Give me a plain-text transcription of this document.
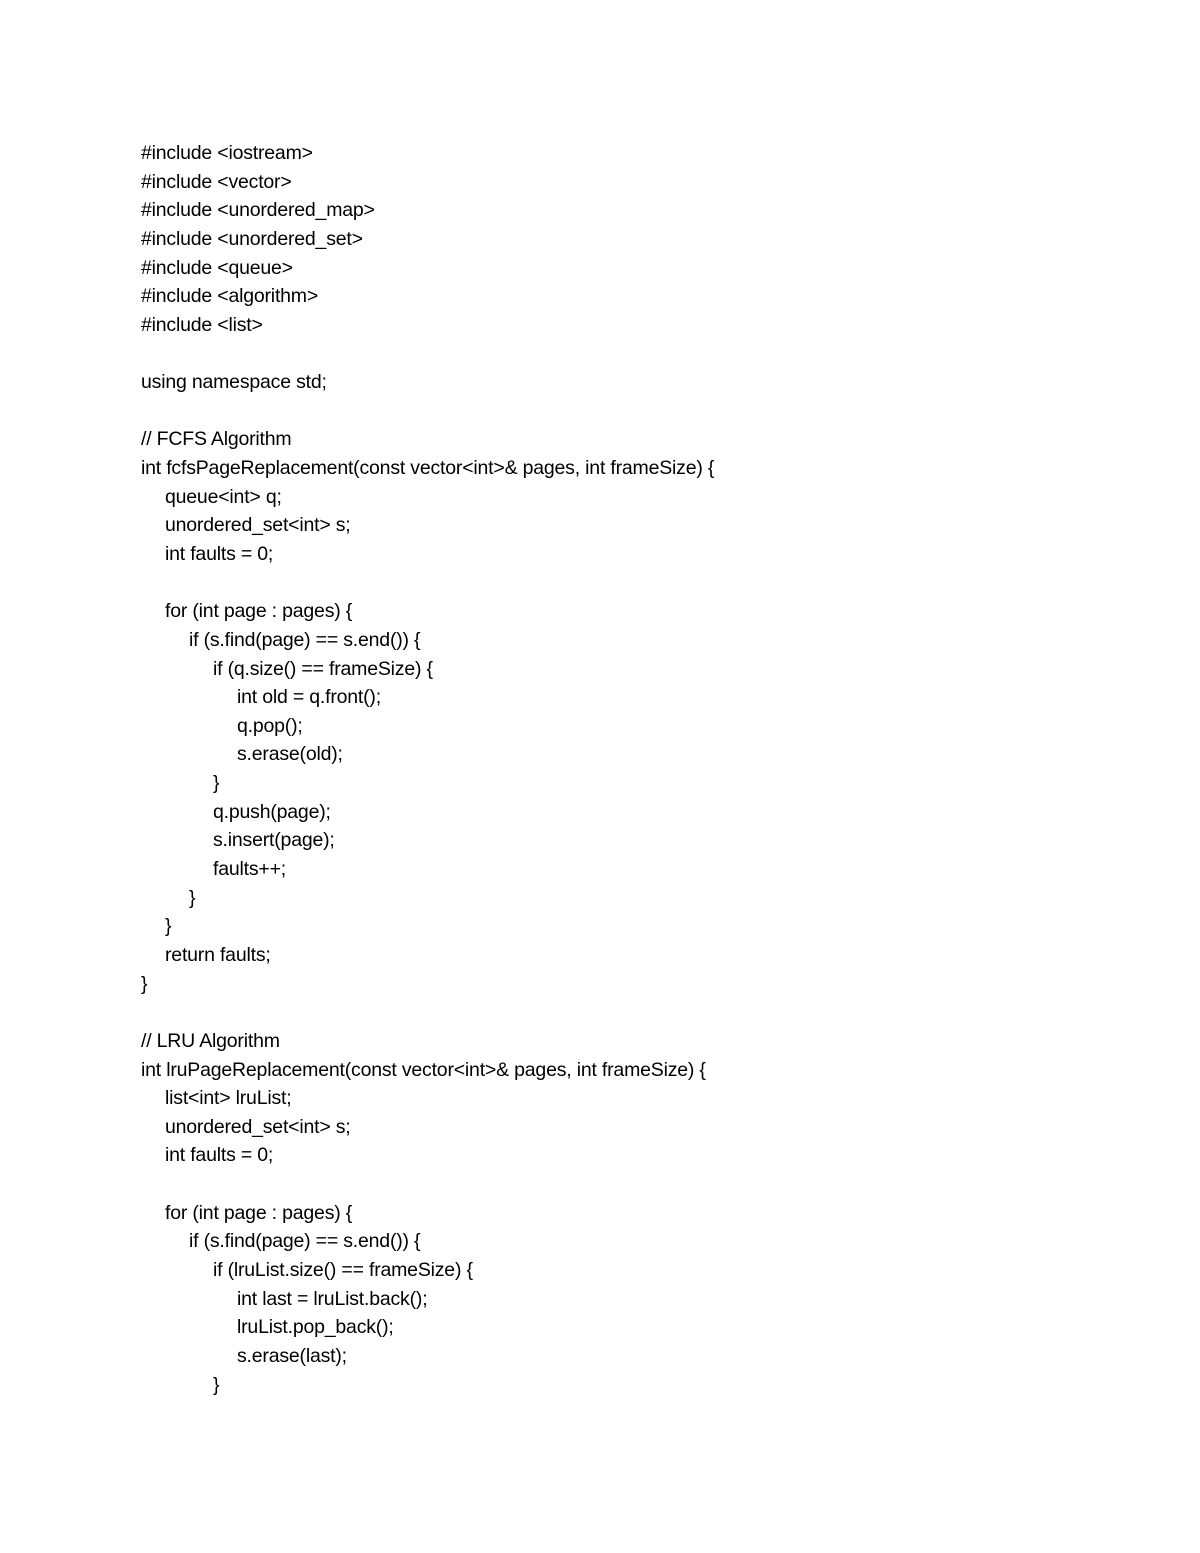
#include <iostream>
#include <vector>
#include <unordered_map>
#include <unordered_set>
#include <queue>
#include <algorithm>
#include <list>
using namespace std;
// FCFS Algorithm
int fcfsPageReplacement(const vector<int>& pages, int frameSize) {
queue<int> q;
unordered_set<int> s;
int faults = 0;
for (int page : pages) {
if (s.find(page) == s.end()) {
if (q.size() == frameSize) {
int old = q.front();
q.pop();
s.erase(old);
}
q.push(page);
s.insert(page);
faults++;
}
}
return faults;
}
// LRU Algorithm
int lruPageReplacement(const vector<int>& pages, int frameSize) {
list<int> lruList;
unordered_set<int> s;
int faults = 0;
for (int page : pages) {
if (s.find(page) == s.end()) {
if (lruList.size() == frameSize) {
int last = lruList.back();
lruList.pop_back();
s.erase(last);
}
